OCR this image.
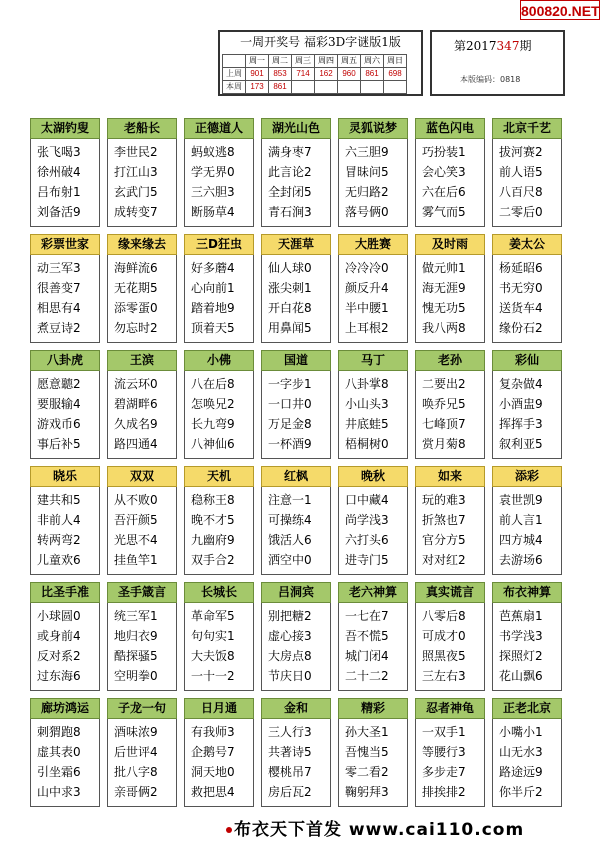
800820.NET
一周开奖号 福彩3D字谜版1版
	周一	周二	周三	周四	周五	周六	周日
上周	901	853	714	162	960	861	698
本周	173	861					
第2017347期
本版编码：0818
太湖钓叟
张飞喝3
徐州破4
吕布射1
刘备活9
老船长
李世民2
打江山3
玄武门5
成转变7
正德道人
蚂蚁逃8
学无界0
三六胆3
断肠草4
湖光山色
满身枣7
此言论2
全封闭5
青石涧3
灵狐说梦
六三胆9
冒昧问5
无归路2
落号俩0
蓝色闪电
巧扮装1
会心笑3
六在后6
雾气而5
北京千艺
拔河赛2
前人语5
八百尺8
二零后0
彩票世家
动三军3
很善变7
相思有4
煮豆诗2
缘来缘去
海鲜流6
无花期5
添零蛋0
勿忘时2
三D狂虫
好多蘑4
心向前1
踏着地9
顶着天5
天涯草
仙人球0
涨尖刺1
开白花8
用鼻闻5
大胜赛
冷冷冷0
颜反升4
半中腰1
上耳根2
及时雨
做元帅1
海无涯9
愧无功5
我八两8
姜太公
杨延昭6
书无穷0
送货车4
缘份石2
八卦虎
愿意聽2
要服输4
游戏币6
事后补5
王滨
流云环0
碧湖畔6
久成名9
路四通4
小佛
八在后8
怎唤兄2
长九弯9
八神仙6
国道
一字步1
一口井0
万足金8
一杯酒9
马丁
八卦掌8
小山头3
井底蛙5
梧桐树0
老孙
二要出2
唤乔兄5
七峰顶7
赏月菊8
彩仙
复杂做4
小酒盅9
挥挥手3
叙利亚5
晓乐
建共和5
非前人4
转两弯2
儿童欢6
双双
从不败0
吾汗颜5
光思不4
挂鱼竿1
天机
稳称王8
晚不才5
九幽府9
双手合2
红枫
注意一1
可操练4
饿活人6
洒空中0
晚秋
口中藏4
尚学浅3
六打头6
进寺门5
如来
玩的难3
折煞也7
官分方5
对对红2
添彩
袁世凯9
前人言1
四方城4
去游场6
比圣手准
小球圆0
或身前4
反对系2
过东海6
圣手箴言
统三军1
地归衣9
酷探骚5
空明拳0
长城长
革命军5
句句实1
大夫饭8
一十一2
吕洞宾
别把糖2
虚心接3
大房点8
节庆日0
老六神算
一七在7
吾不慌5
城门闭4
二十二2
真实谎言
八零后8
可成才0
照黑夜5
三左右3
布衣神算
芭蕉扇1
书学浅3
探照灯2
花山飘6
廊坊鸿运
刺猬跑8
虚其表0
引坐霜6
山中求3
子龙一句
酒味浓9
后世评4
批八字8
亲哥俩2
日月通
有我师3
企鹅号7
洞天地0
救把思4
金和
三人行3
共著诗5
樱桃吊7
房后瓦2
精彩
孙大圣1
吾愧当5
零二看2
鞠躬拜3
忍者神龟
一双手1
等腰行3
多步走7
排挨排2
正老北京
小嘴小1
山无水3
路途远9
你半斤2
布衣天下首发 www.cai110.com
